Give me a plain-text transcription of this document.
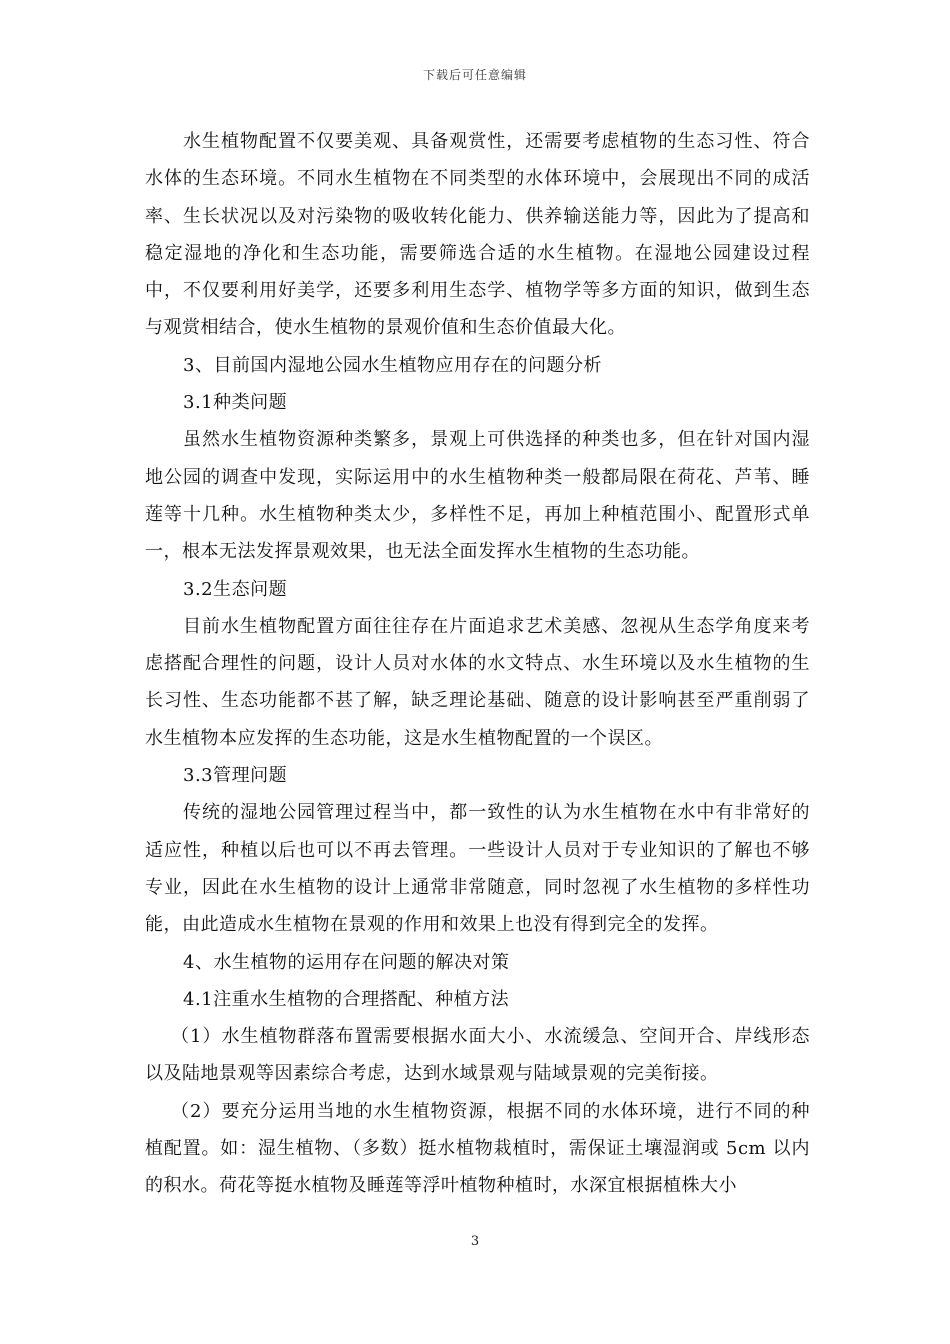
下载后可任意编辑

水生植物配置不仅要美观、具备观赏性，还需要考虑植物的生态习性、符合水体的生态环境。不同水生植物在不同类型的水体环境中，会展现出不同的成活率、生长状况以及对污染物的吸收转化能力、供养输送能力等，因此为了提高和稳定湿地的净化和生态功能，需要筛选合适的水生植物。在湿地公园建设过程中，不仅要利用好美学，还要多利用生态学、植物学等多方面的知识，做到生态与观赏相结合，使水生植物的景观价值和生态价值最大化。

3、目前国内湿地公园水生植物应用存在的问题分析

3.1种类问题

虽然水生植物资源种类繁多，景观上可供选择的种类也多，但在针对国内湿地公园的调查中发现，实际运用中的水生植物种类一般都局限在荷花、芦苇、睡莲等十几种。水生植物种类太少，多样性不足，再加上种植范围小、配置形式单一，根本无法发挥景观效果，也无法全面发挥水生植物的生态功能。

3.2生态问题

目前水生植物配置方面往往存在片面追求艺术美感、忽视从生态学角度来考虑搭配合理性的问题，设计人员对水体的水文特点、水生环境以及水生植物的生长习性、生态功能都不甚了解，缺乏理论基础、随意的设计影响甚至严重削弱了水生植物本应发挥的生态功能，这是水生植物配置的一个误区。

3.3管理问题

传统的湿地公园管理过程当中，都一致性的认为水生植物在水中有非常好的适应性，种植以后也可以不再去管理。一些设计人员对于专业知识的了解也不够专业，因此在水生植物的设计上通常非常随意，同时忽视了水生植物的多样性功能，由此造成水生植物在景观的作用和效果上也没有得到完全的发挥。

4、水生植物的运用存在问题的解决对策

4.1注重水生植物的合理搭配、种植方法

（1）水生植物群落布置需要根据水面大小、水流缓急、空间开合、岸线形态以及陆地景观等因素综合考虑，达到水域景观与陆域景观的完美衔接。

（2）要充分运用当地的水生植物资源，根据不同的水体环境，进行不同的种植配置。如：湿生植物、（多数）挺水植物栽植时，需保证土壤湿润或 5cm 以内的积水。荷花等挺水植物及睡莲等浮叶植物种植时，水深宜根据植株大小

3
